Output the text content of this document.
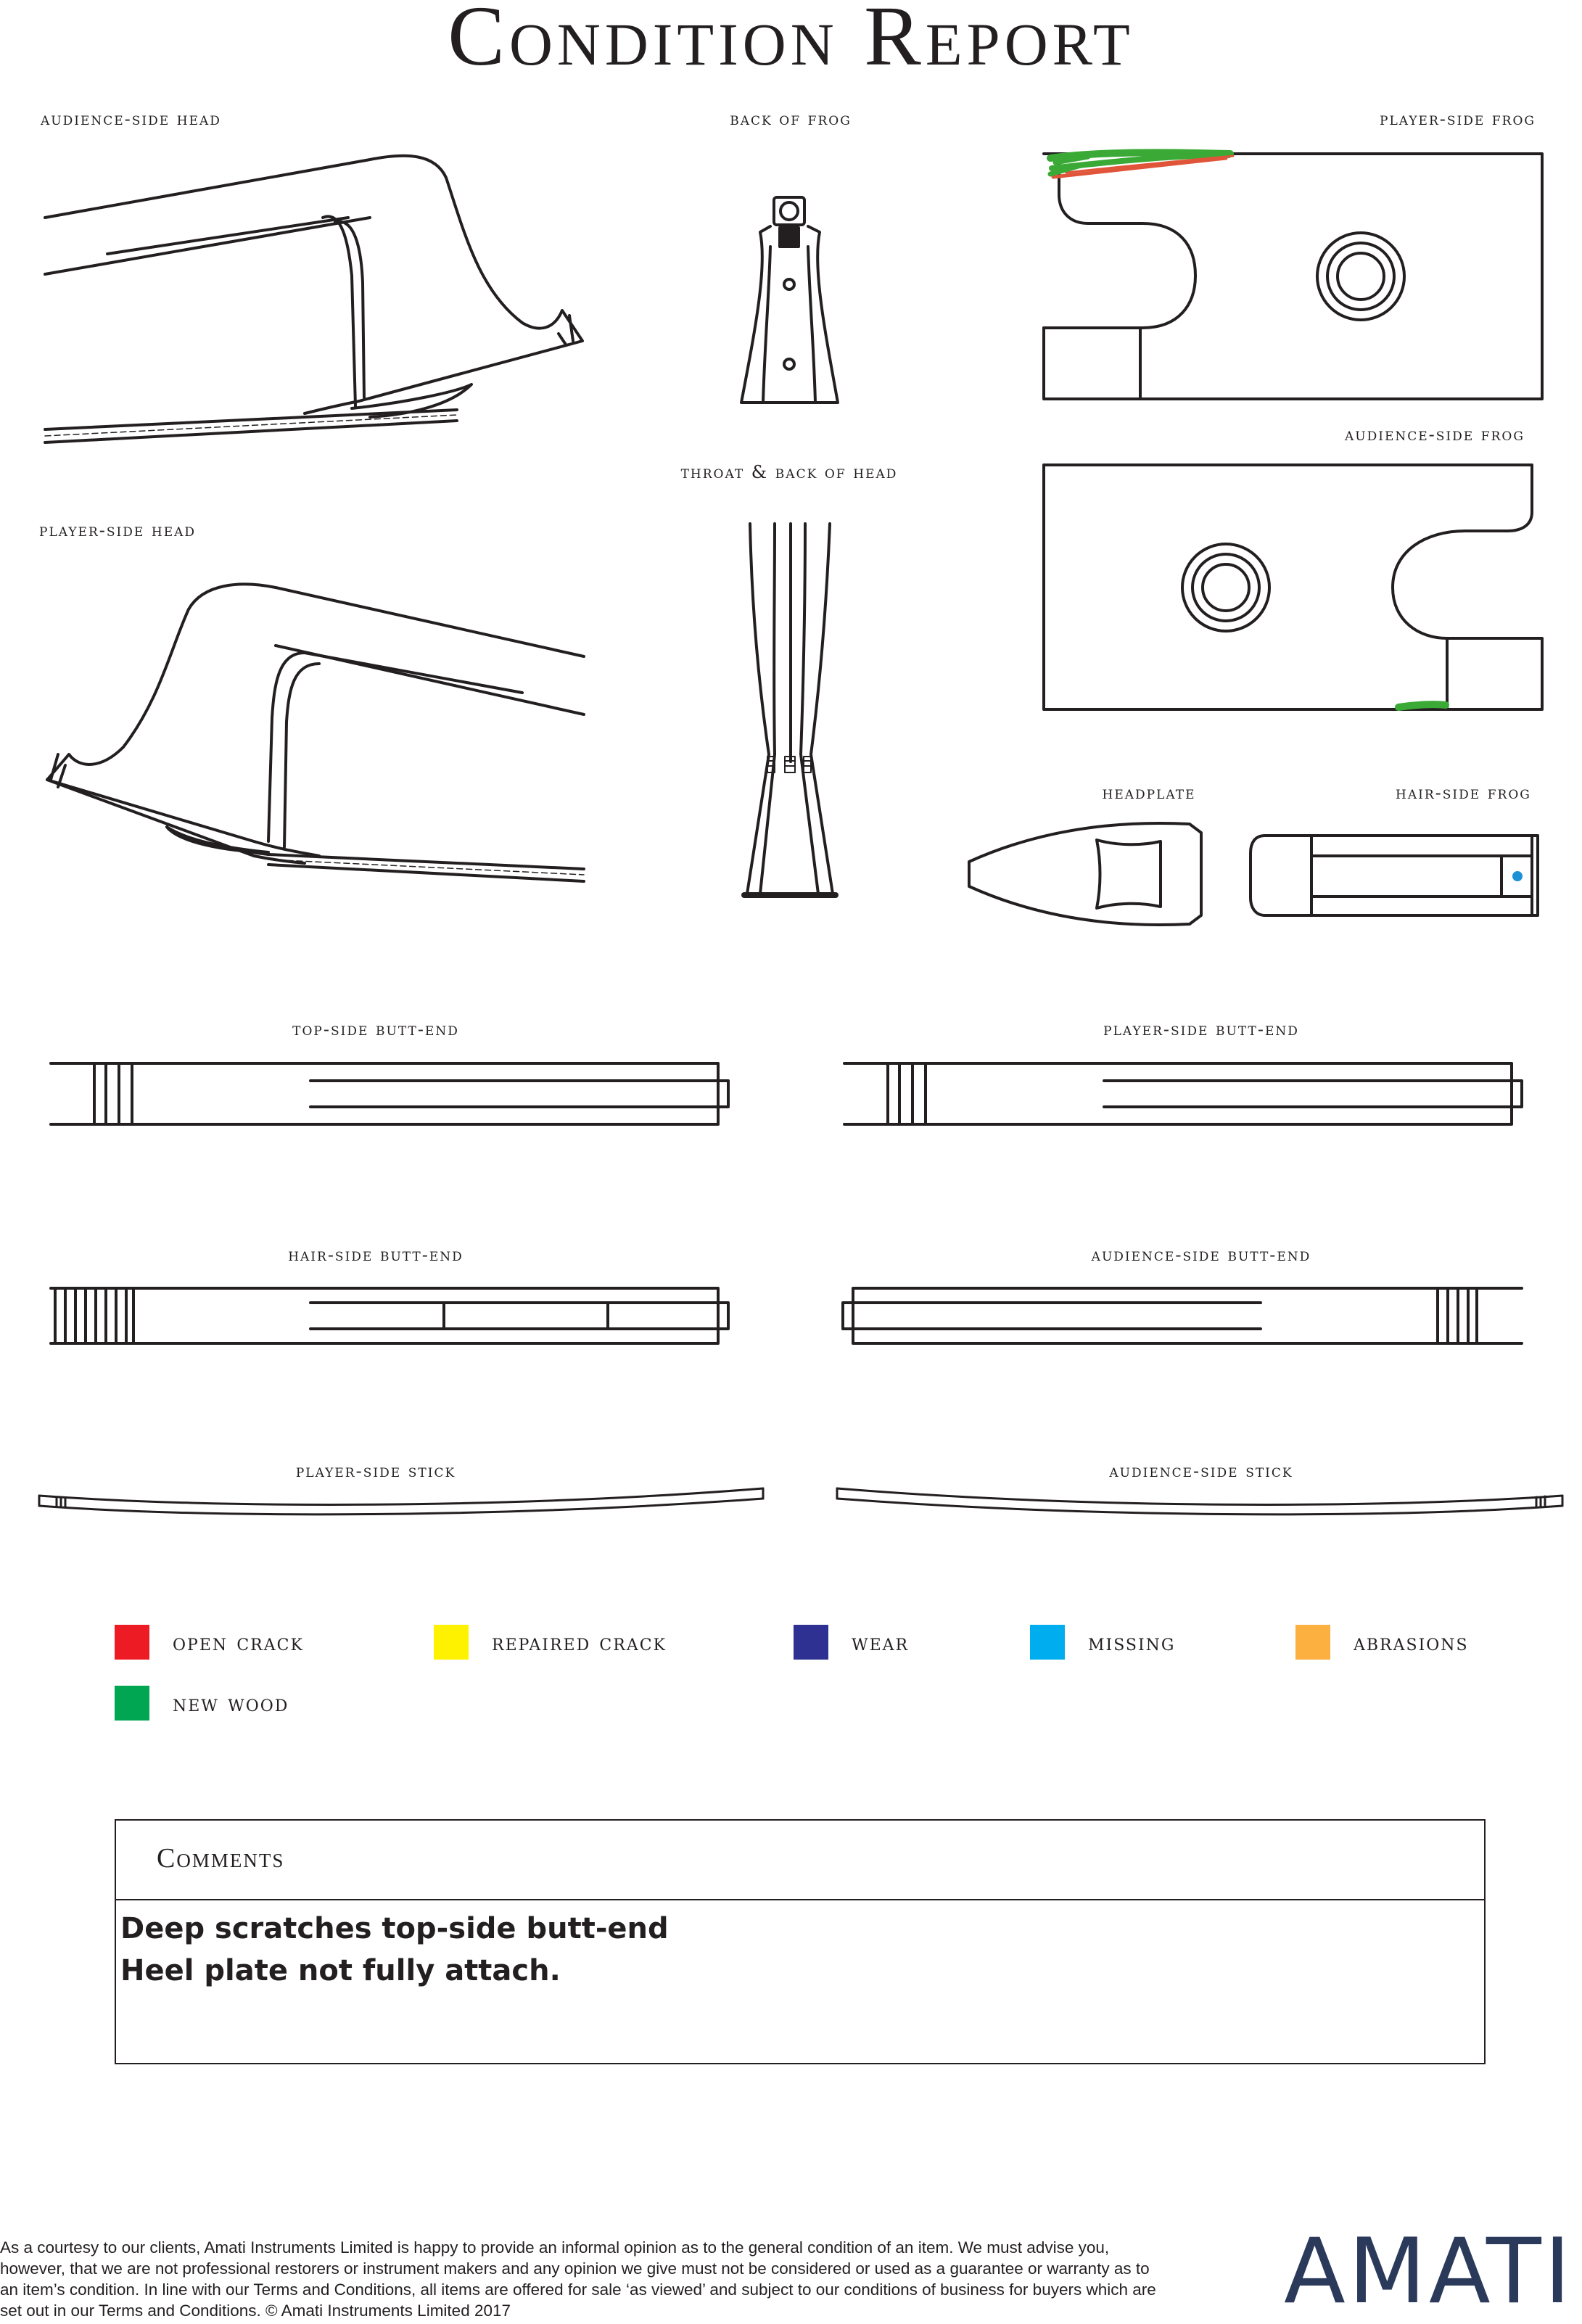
Condition Report
audience-side head	back of frog	player-side frog
audience-side frog
throat & back of head
player-side head
headplate	hair-side frog
top-side butt-end	player-side butt-end
hair-side butt-end	audience-side butt-end
player-side stick	audience-side stick
open crack	repaired crack	wear	missing	abrasions
new wood
Comments
Deep scratches top-side butt-end
Heel plate not fully attach.
As a courtesy to our clients, Amati Instruments Limited is happy to provide an informal opinion as to the general condition of an item. We must advise you, however, that we are not professional restorers or instrument makers and any opinion we give must not be considered or used as a guarantee or warranty as to an item’s condition. In line with our Terms and Conditions, all items are offered for sale ‘as viewed’ and subject to our conditions of business for buyers which are set out in our Terms and Conditions. © Amati Instruments Limited 2017	AMATI
